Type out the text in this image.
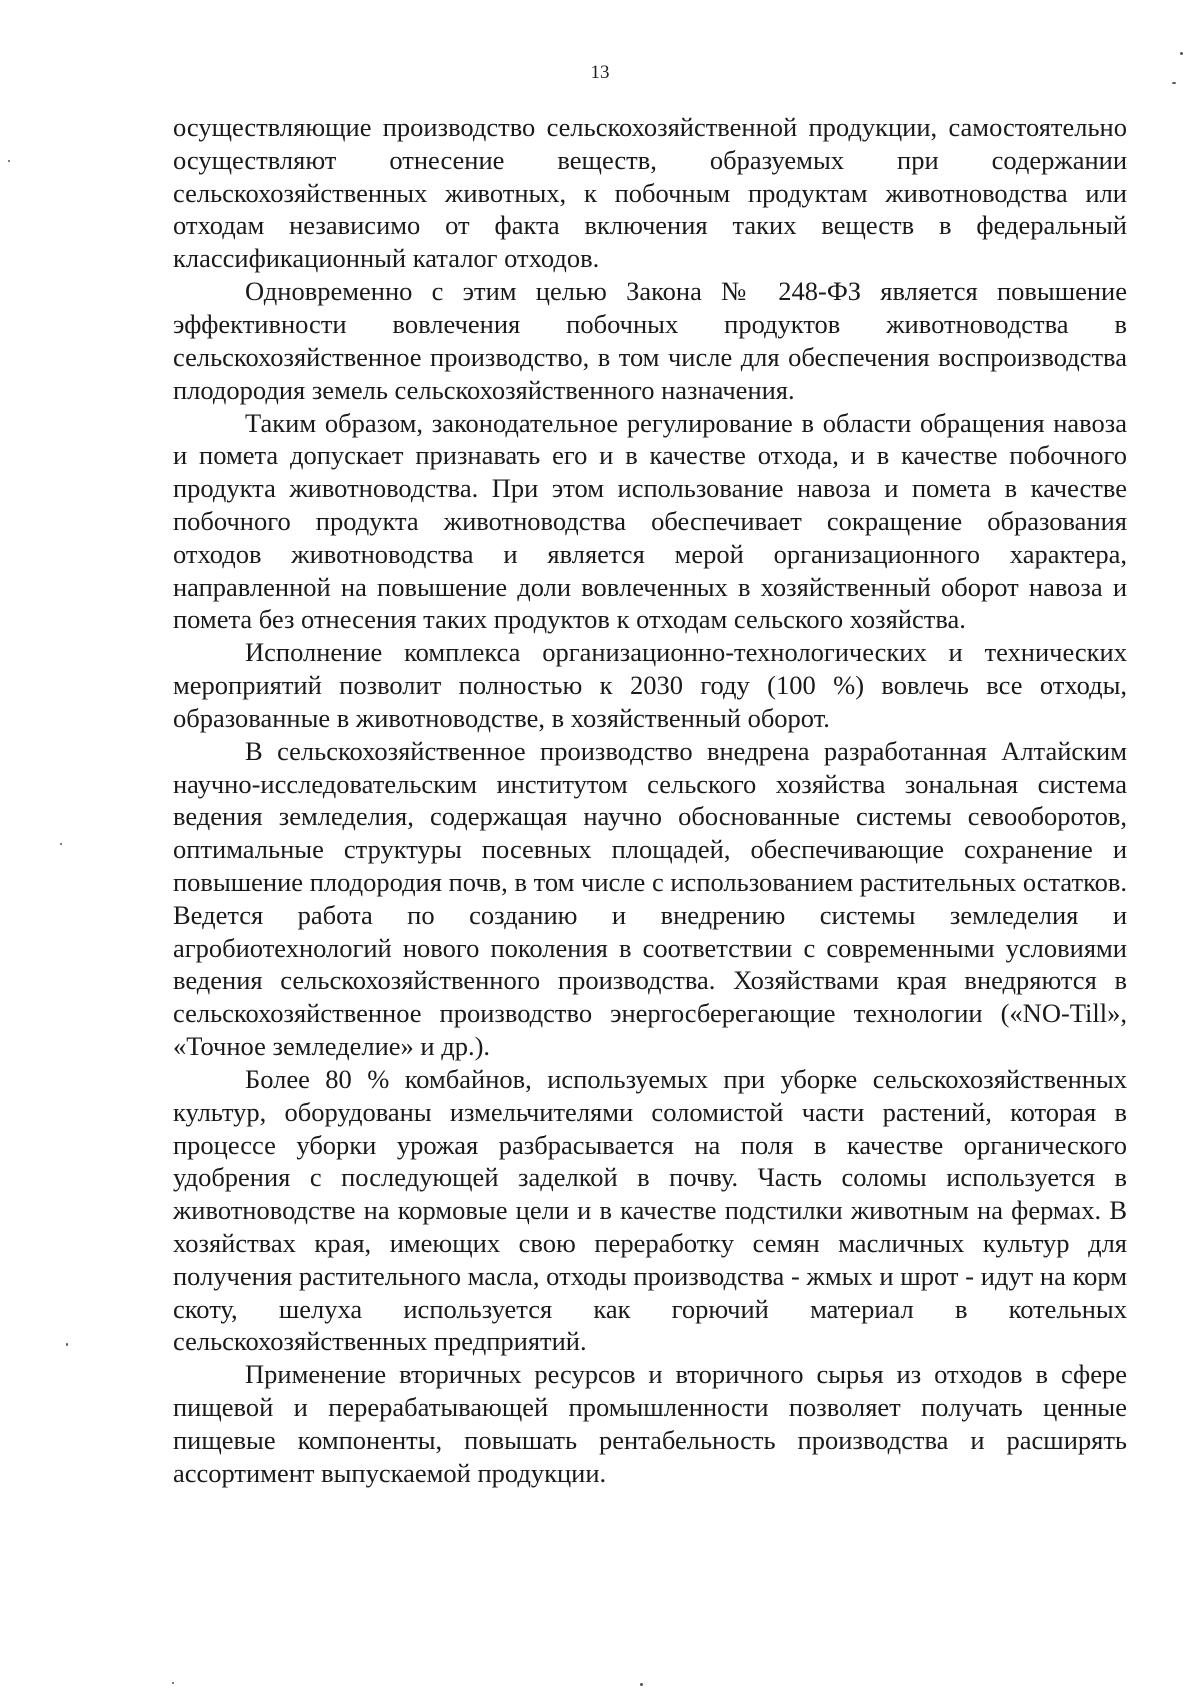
13

осуществляющие производство сельскохозяйственной продукции, самостоятельно осуществляют отнесение веществ, образуемых при содержании сельскохозяйственных животных, к побочным продуктам животноводства или отходам независимо от факта включения таких веществ в федеральный классификационный каталог отходов.

Одновременно с этим целью Закона № 248-ФЗ является повышение эффективности вовлечения побочных продуктов животноводства в сельскохозяйственное производство, в том числе для обеспечения воспроизводства плодородия земель сельскохозяйственного назначения.

Таким образом, законодательное регулирование в области обращения навоза и помета допускает признавать его и в качестве отхода, и в качестве побочного продукта животноводства. При этом использование навоза и помета в качестве побочного продукта животноводства обеспечивает сокращение образования отходов животноводства и является мерой организационного характера, направленной на повышение доли вовлеченных в хозяйственный оборот навоза и помета без отнесения таких продуктов к отходам сельского хозяйства.

Исполнение комплекса организационно-технологических и технических мероприятий позволит полностью к 2030 году (100 %) вовлечь все отходы, образованные в животноводстве, в хозяйственный оборот.

В сельскохозяйственное производство внедрена разработанная Алтайским научно-исследовательским институтом сельского хозяйства зональная система ведения земледелия, содержащая научно обоснованные системы севооборотов, оптимальные структуры посевных площадей, обеспечивающие сохранение и повышение плодородия почв, в том числе с использованием растительных остатков. Ведется работа по созданию и внедрению системы земледелия и агробиотехнологий нового поколения в соответствии с современными условиями ведения сельскохозяйственного производства. Хозяйствами края внедряются в сельскохозяйственное производство энергосберегающие технологии («NO-Till», «Точное земледелие» и др.).

Более 80 % комбайнов, используемых при уборке сельскохозяйственных культур, оборудованы измельчителями соломистой части растений, которая в процессе уборки урожая разбрасывается на поля в качестве органического удобрения с последующей заделкой в почву. Часть соломы используется в животноводстве на кормовые цели и в качестве подстилки животным на фермах. В хозяйствах края, имеющих свою переработку семян масличных культур для получения растительного масла, отходы производства - жмых и шрот - идут на корм скоту, шелуха используется как горючий материал в котельных сельскохозяйственных предприятий.

Применение вторичных ресурсов и вторичного сырья из отходов в сфере пищевой и перерабатывающей промышленности позволяет получать ценные пищевые компоненты, повышать рентабельность производства и расширять ассортимент выпускаемой продукции.
